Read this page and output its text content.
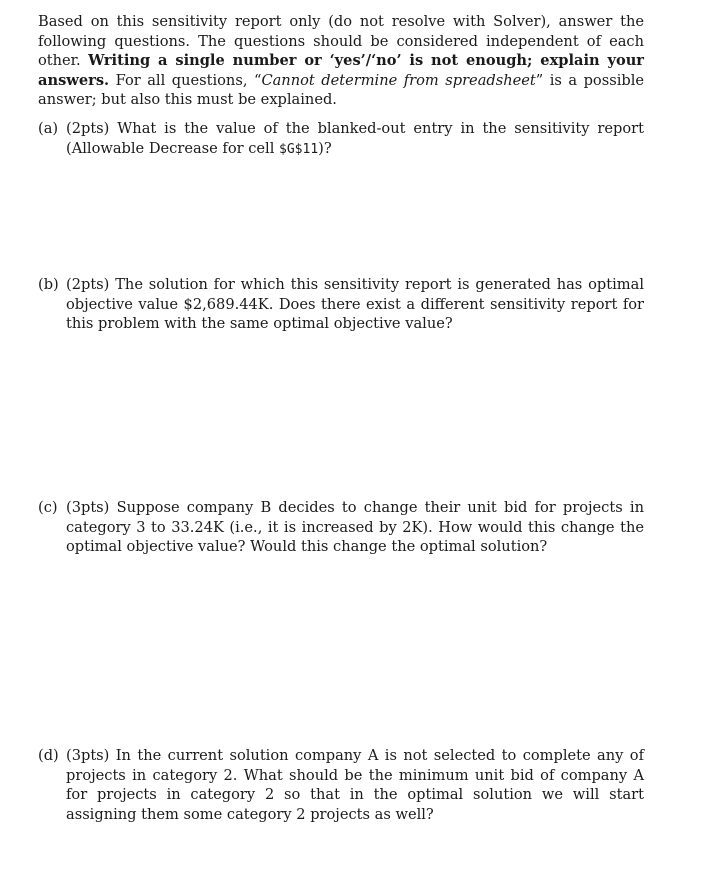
Based on this sensitivity report only (do not resolve with Solver), answer the following questions. The questions should be considered independent of each other. Writing a single number or ‘yes’/‘no’ is not enough; explain your answers. For all questions, “Cannot determine from spreadsheet” is a possible answer; but also this must be explained.

(a) (2pts) What is the value of the blanked-out entry in the sensitivity report (Allowable Decrease for cell $G$11)?
(b) (2pts) The solution for which this sensitivity report is generated has optimal objective value $2,689.44K. Does there exist a different sensitivity report for this problem with the same optimal objective value?
(c) (3pts) Suppose company B decides to change their unit bid for projects in category 3 to 33.24K (i.e., it is increased by 2K). How would this change the optimal objective value? Would this change the optimal solution?
(d) (3pts) In the current solution company A is not selected to complete any of projects in category 2. What should be the minimum unit bid of company A for projects in category 2 so that in the optimal solution we will start assigning them some category 2 projects as well?
